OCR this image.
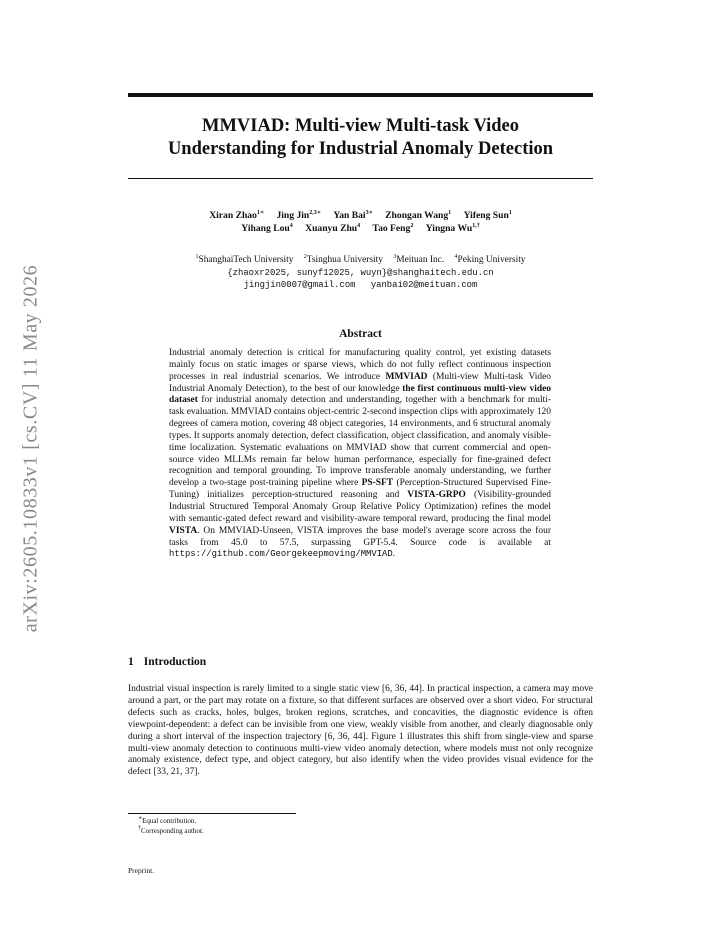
arXiv:2605.10833v1 [cs.CV] 11 May 2026
MMVIAD: Multi-view Multi-task Video
Understanding for Industrial Anomaly Detection
Xiran Zhao$^{1∗}$ Jing Jin$^{2,3∗}$ Yan Bai$^{3∗}$ Zhongan Wang$^1$ Yifeng Sun$^1$
Yihang Lou$^4$ Xuanyu Zhu$^4$ Tao Feng$^2$ Yingna $Wu^{1,\dagger}$
$^1$ShanghaiTech University $^2$Tsinghua University $^3$Meituan Inc. $^4$Peking University
{zhaoxr2025, sunyf12025, wuyn}@shanghaitech.edu.cn
jingjin0007@gmail.com yanbai02@meituan.com
Abstract
Industrial anomaly detection is critical for manufacturing quality control, yet existing datasets mainly focus on static images or sparse views, which do not fully reflect continuous inspection processes in real industrial scenarios. We introduce MMVIAD (Multi-view Multi-task Video Industrial Anomaly Detection), to the best of our knowledge the first continuous multi-view video dataset for industrial anomaly detection and understanding, together with a benchmark for multi-task evaluation. MMVIAD contains object-centric 2-second inspection clips with approximately 120 degrees of camera motion, covering 48 object categories, 14 environments, and 6 structural anomaly types. It supports anomaly detection, defect classification, object classification, and anomaly visible-time localization. Systematic evaluations on MMVIAD show that current commercial and open-source video MLLMs remain far below human performance, especially for fine-grained defect recognition and temporal grounding. To improve transferable anomaly understanding, we further develop a two-stage post-training pipeline where PS-SFT (Perception-Structured Supervised Fine-Tuning) initializes perception-structured reasoning and VISTA-GRPO (Visibility-grounded Industrial Structured Temporal Anomaly Group Relative Policy Optimization) refines the model with semantic-gated defect reward and visibility-aware temporal reward, producing the final model VISTA. On MMVIAD-Unseen, VISTA improves the base model's average score across the four tasks from 45.0 to 57.5, surpassing GPT-5.4. Source code is available at https://github.com/Georgekeepmoving/MMVIAD.
1 Introduction
Industrial visual inspection is rarely limited to a single static view [6, 36, 44]. In practical inspection, a camera may move around a part, or the part may rotate on a fixture, so that different surfaces are observed over a short video. For structural defects such as cracks, holes, bulges, broken regions, scratches, and concavities, the diagnostic evidence is often viewpoint-dependent: a defect can be invisible from one view, weakly visible from another, and clearly diagnosable only during a short interval of the inspection trajectory [6, 36, 44]. Figure 1 illustrates this shift from single-view and sparse multi-view anomaly detection to continuous multi-view video anomaly detection, where models must not only recognize anomaly existence, defect type, and object category, but also identify when the video provides visual evidence for the defect [33, 21, 37].
∗Equal contribution.
†Corresponding author.
Preprint.
